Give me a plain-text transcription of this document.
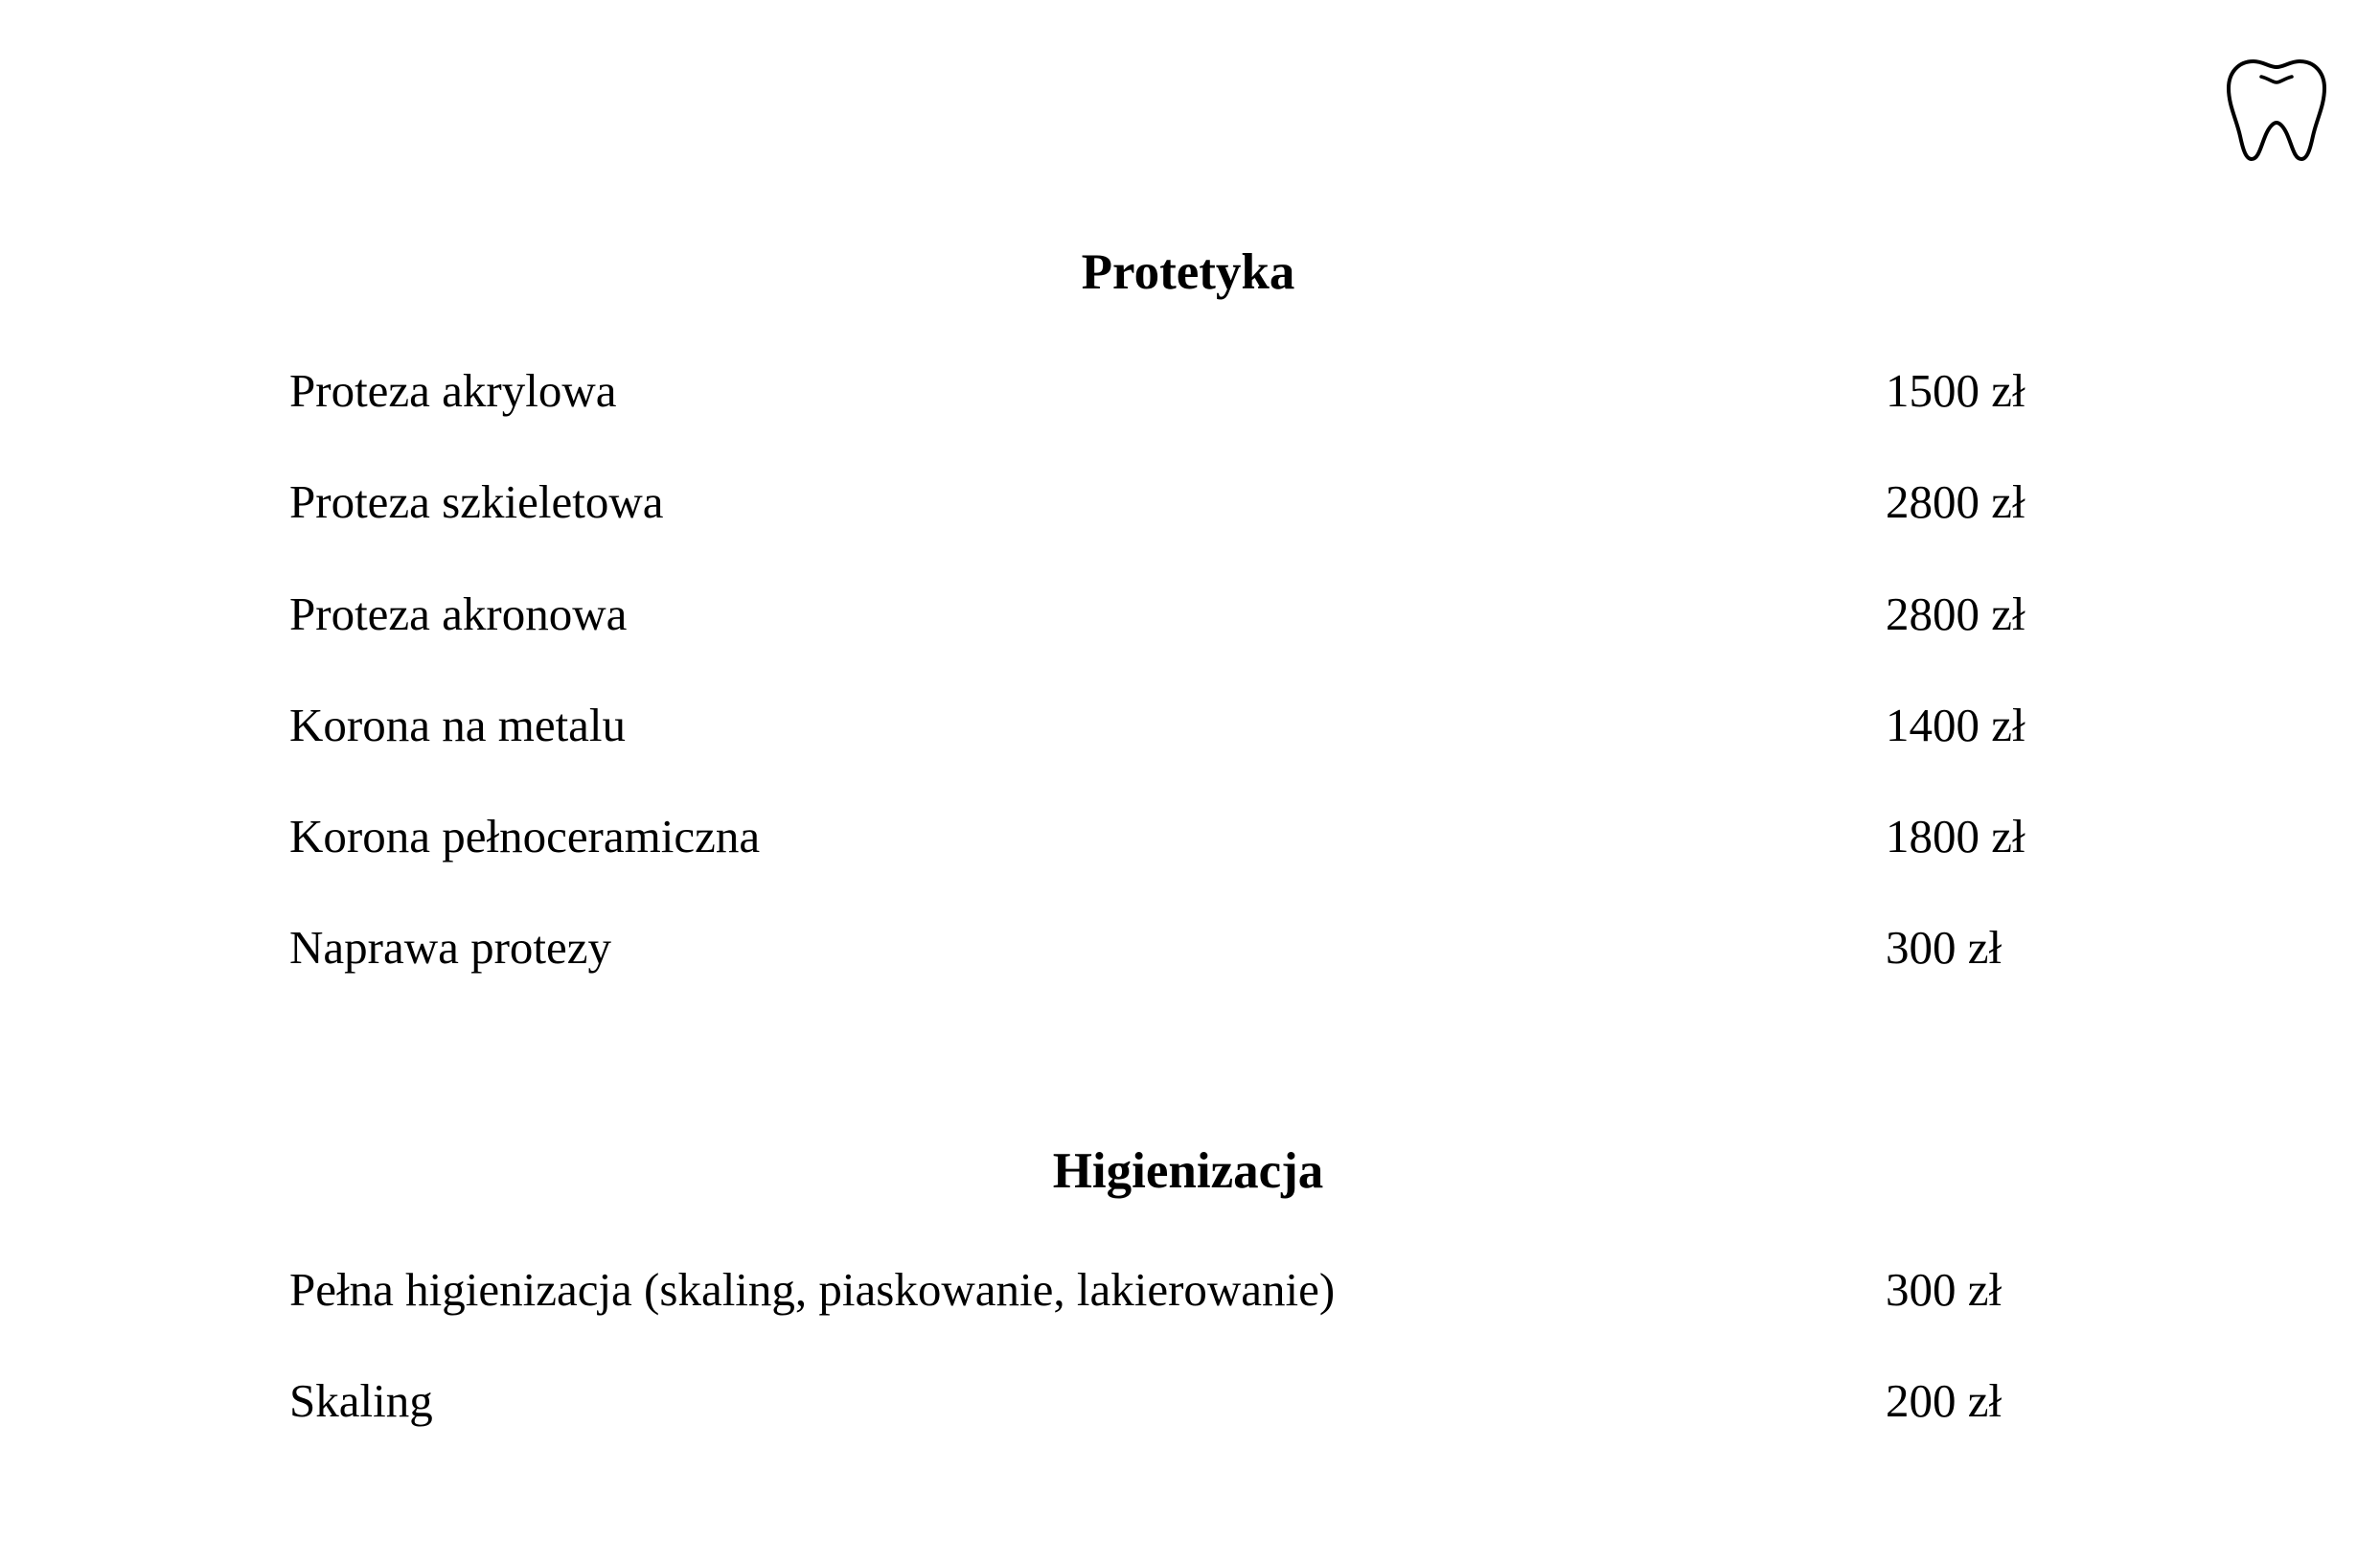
Protetyka
Proteza akrylowa	1500 zł
Proteza szkieletowa	2800 zł
Proteza akronowa	2800 zł
Korona na metalu	1400 zł
Korona pełnoceramiczna	1800 zł
Naprawa protezy	300 zł
Higienizacja
Pełna higienizacja (skaling, piaskowanie, lakierowanie)	300 zł
Skaling	200 zł
